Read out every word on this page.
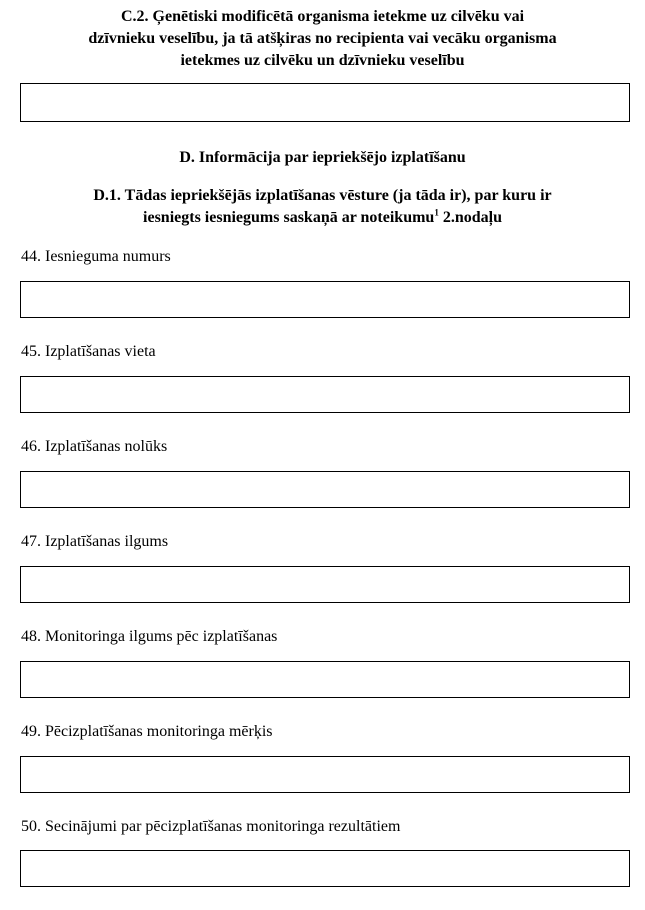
C.2. Ģenētiski modificētā organisma ietekme uz cilvēku vai
dzīvnieku veselību, ja tā atšķiras no recipienta vai vecāku organisma
ietekmes uz cilvēku un dzīvnieku veselību
D. Informācija par iepriekšējo izplatīšanu
D.1. Tādas iepriekšējās izplatīšanas vēsture (ja tāda ir), par kuru ir
iesniegts iesniegums saskaņā ar noteikumu$^1$ 2.nodaļu
44. Iesnieguma numurs
45. Izplatīšanas vieta
46. Izplatīšanas nolūks
47. Izplatīšanas ilgums
48. Monitoringa ilgums pēc izplatīšanas
49. Pēcizplatīšanas monitoringa mērķis
50. Secinājumi par pēcizplatīšanas monitoringa rezultātiem
